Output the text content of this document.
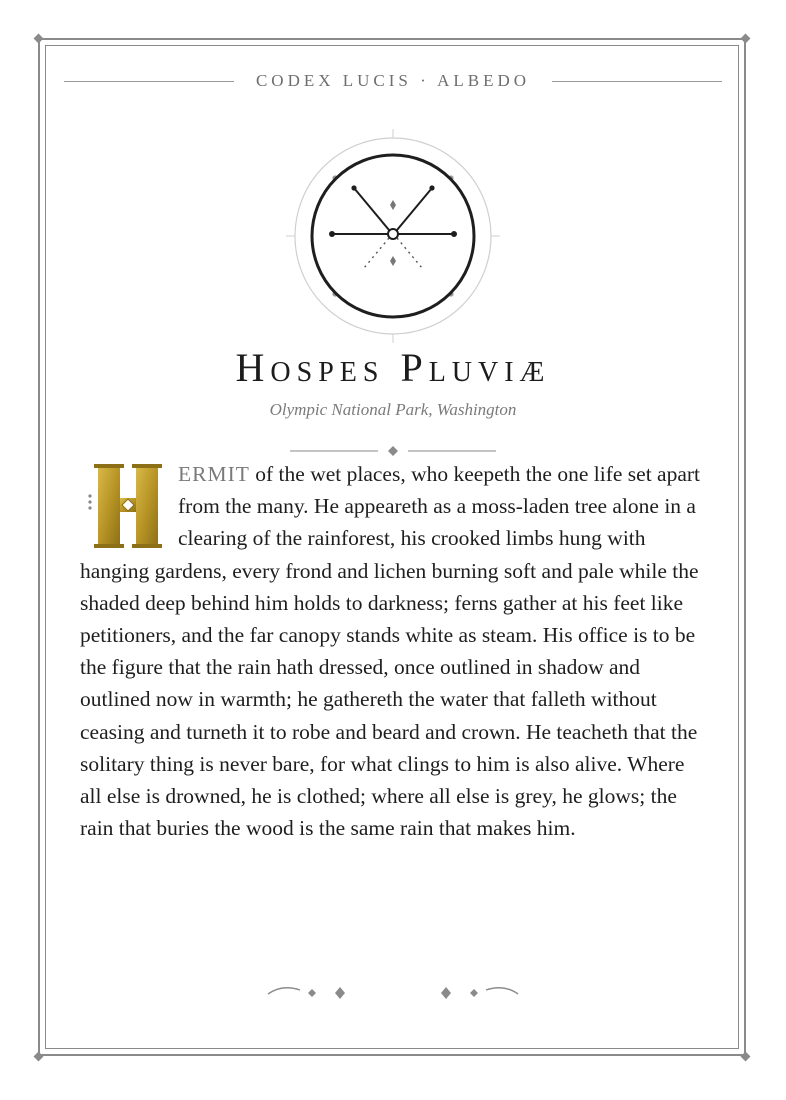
CODEX LUCIS · ALBEDO
Hospes Pluviæ
Olympic National Park, Washington

ERMIT of the wet places, who keepeth the one life set apart from the many. He appeareth as a moss-laden tree alone in a clearing of the rainforest, his crooked limbs hung with hanging gardens, every frond and lichen burning soft and pale while the shaded deep behind him holds to darkness; ferns gather at his feet like petitioners, and the far canopy stands white as steam. His office is to be the figure that the rain hath dressed, once outlined in shadow and outlined now in warmth; he gathereth the water that falleth without ceasing and turneth it to robe and beard and crown. He teacheth that the solitary thing is never bare, for what clings to him is also alive. Where all else is drowned, he is clothed; where all else is grey, he glows; the rain that buries the wood is the same rain that makes him.
